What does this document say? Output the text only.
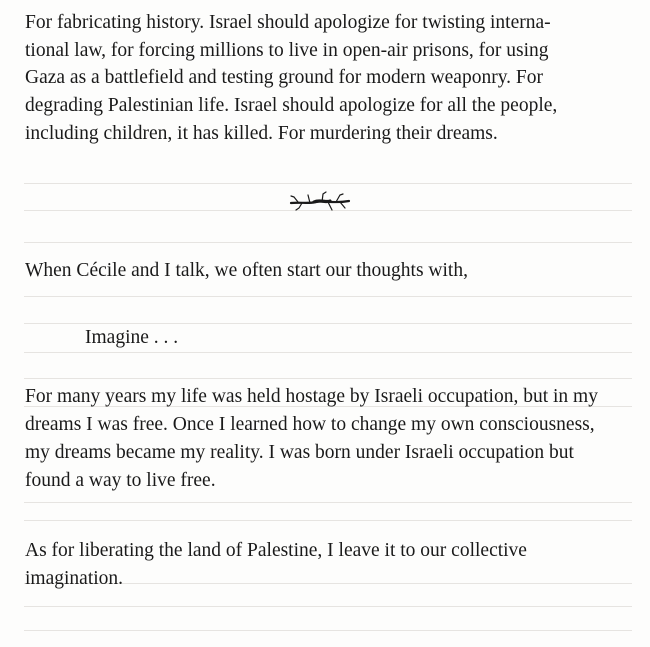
For fabricating history. Israel should apologize for twisting interna-
tional law, for forcing millions to live in open-air prisons, for using
Gaza as a battlefield and testing ground for modern weaponry. For
degrading Palestinian life. Israel should apologize for all the people,
including children, it has killed. For murdering their dreams.
When Cécile and I talk, we often start our thoughts with,
Imagine . . .
For many years my life was held hostage by Israeli occupation, but in my
dreams I was free. Once I learned how to change my own consciousness,
my dreams became my reality. I was born under Israeli occupation but
found a way to live free.
As for liberating the land of Palestine, I leave it to our collective
imagination.
